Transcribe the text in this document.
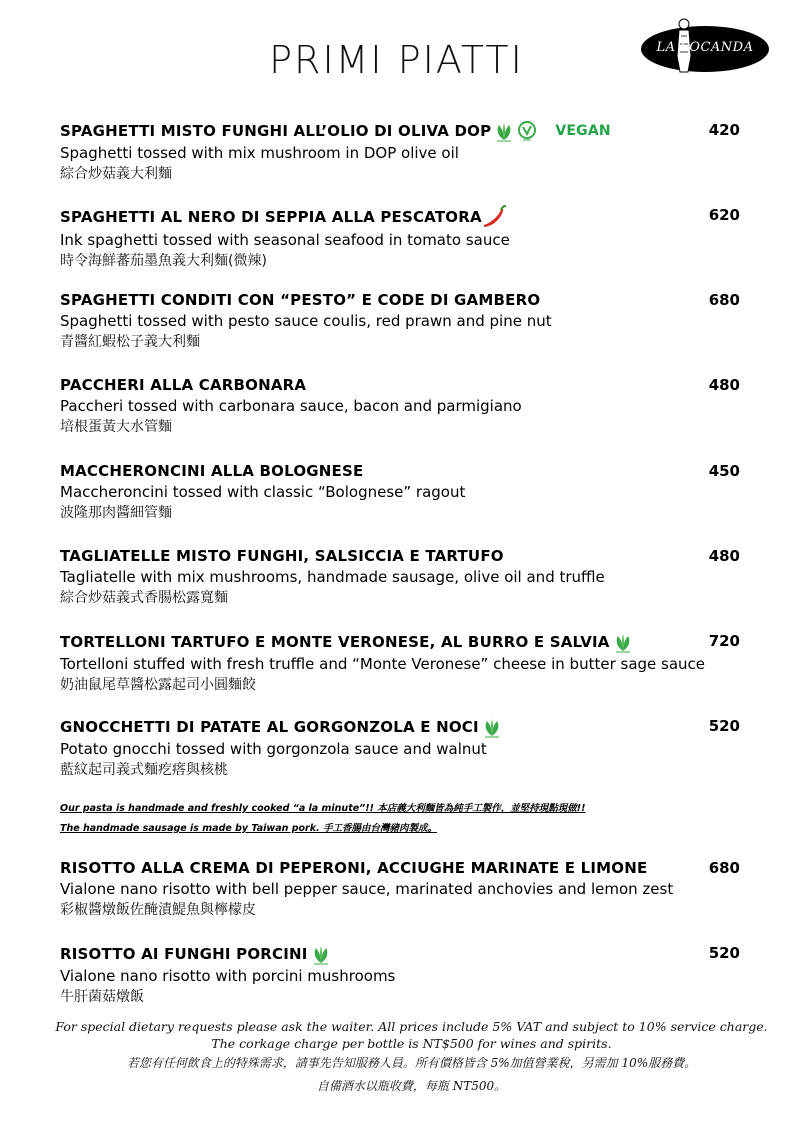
PRIMI PIATTI	LA LOCANDA
SPAGHETTI MISTO FUNGHI ALL’OLIO DI OLIVA DOP	VEGAN	420
Spaghetti tossed with mix mushroom in DOP olive oil
綜合炒菇義大利麵
SPAGHETTI AL NERO DI SEPPIA ALLA PESCATORA	620
Ink spaghetti tossed with seasonal seafood in tomato sauce
時令海鮮蕃茄墨魚義大利麵(微辣)
SPAGHETTI CONDITI CON “PESTO” E CODE DI GAMBERO	680
Spaghetti tossed with pesto sauce coulis, red prawn and pine nut
青醬紅蝦松子義大利麵
PACCHERI ALLA CARBONARA	480
Paccheri tossed with carbonara sauce, bacon and parmigiano
培根蛋黃大水管麵
MACCHERONCINI ALLA BOLOGNESE	450
Maccheroncini tossed with classic “Bolognese” ragout
波隆那肉醬細管麵
TAGLIATELLE MISTO FUNGHI, SALSICCIA E TARTUFO	480
Tagliatelle with mix mushrooms, handmade sausage, olive oil and truffle
綜合炒菇義式香腸松露寬麵
TORTELLONI TARTUFO E MONTE VERONESE, AL BURRO E SALVIA	720
Tortelloni stuffed with fresh truffle and “Monte Veronese” cheese in butter sage sauce
奶油鼠尾草醬松露起司小圓麵餃
GNOCCHETTI DI PATATE AL GORGONZOLA E NOCI	520
Potato gnocchi tossed with gorgonzola sauce and walnut
藍紋起司義式麵疙瘩與核桃
Our pasta is handmade and freshly cooked “a la minute”!! 本店義大利麵皆為純手工製作，並堅持現點現做!!
The handmade sausage is made by Taiwan pork. 手工香腸由台灣豬肉製成。
RISOTTO ALLA CREMA DI PEPERONI, ACCIUGHE MARINATE E LIMONE	680
Vialone nano risotto with bell pepper sauce, marinated anchovies and lemon zest
彩椒醬燉飯佐醃漬鯷魚與檸檬皮
RISOTTO AI FUNGHI PORCINI	520
Vialone nano risotto with porcini mushrooms
牛肝菌菇燉飯
For special dietary requests please ask the waiter. All prices include 5% VAT and subject to 10% service charge.
The corkage charge per bottle is NT$500 for wines and spirits.
若您有任何飲食上的特殊需求，請事先告知服務人員。所有價格皆含 5%加值營業稅，另需加 10%服務費。
自備酒水以瓶收費，每瓶 NT500。
